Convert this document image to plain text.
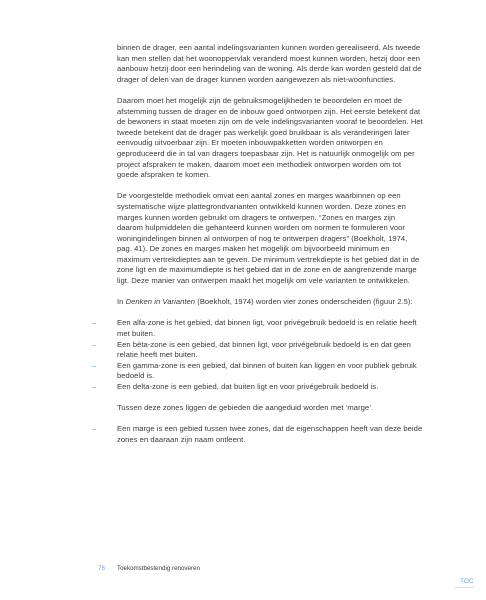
binnen de drager, een aantal indelingsvarianten kunnen worden gerealiseerd. Als tweede kan men stellen dat het woonoppervlak veranderd moest kunnen worden, hetzij door een aanbouw hetzij door een herindeling van de woning. Als derde kan worden gesteld dat de drager of delen van de drager kunnen worden aangewezen als niet-woonfuncties.

Daarom moet het mogelijk zijn de gebruiksmogelijkheden te beoordelen en moet de afstemming tussen de drager en de inbouw goed ontworpen zijn. Het eerste betekent dat de bewoners in staat moeten zijn om de vele indelingsvarianten vooraf te beoordelen. Het tweede betekent dat de drager pas werkelijk goed bruikbaar is als veranderingen later eenvoudig uitvoerbaar zijn. Er moeten inbouwpakketten worden ontworpen en geproduceerd die in tal van dragers toepasbaar zijn. Het is natuurlijk onmogelijk om per project afspraken te maken, daarom moet een methodiek ontworpen worden om tot goede afspraken te komen.

De voorgestelde methodiek omvat een aantal zones en marges waarbinnen op een systematische wijze plattegrondvarianten ontwikkeld kunnen worden. Deze zones en marges kunnen worden gebruikt om dragers te ontwerpen. “Zones en marges zijn daarom hulpmiddelen die gehanteerd kunnen worden om normen te formuleren voor woningindelingen binnen al ontworpen of nog te ontwerpen dragers” (Boekholt, 1974, pag. 41). De zones en marges maken het mogelijk om bijvoorbeeld minimum en maximum vertrekdieptes aan te geven. De minimum vertrekdiepte is het gebied dat in de zone ligt en de maximumdiepte is het gebied dat in de zone en de aangrenzende marge ligt. Deze manier van ontwerpen maakt het mogelijk om vele varianten te ontwikkelen.

In Denken in Varianten (Boekholt, 1974) worden vier zones onderscheiden (figuur 2.5):

–	Een alfa-zone is het gebied, dat binnen ligt, voor privégebruik bedoeld is en relatie heeft met buiten.
–	Een bèta-zone is een gebied, dat binnen ligt, voor privégebruik bedoeld is en dat geen relatie heeft met buiten.
–	Een gamma-zone is een gebied, dat binnen of buiten kan liggen en voor publiek gebruik bedoeld is.
–	Een delta-zone is een gebied, dat buiten ligt en voor privégebruik bedoeld is.

Tussen deze zones liggen de gebieden die aangeduid worden met ‘marge’.

–	Een marge is een gebied tussen twee zones, dat de eigenschappen heeft van deze beide zones en daaraan zijn naam ontleent.
76 Toekomstbestendig renoveren
TOC
